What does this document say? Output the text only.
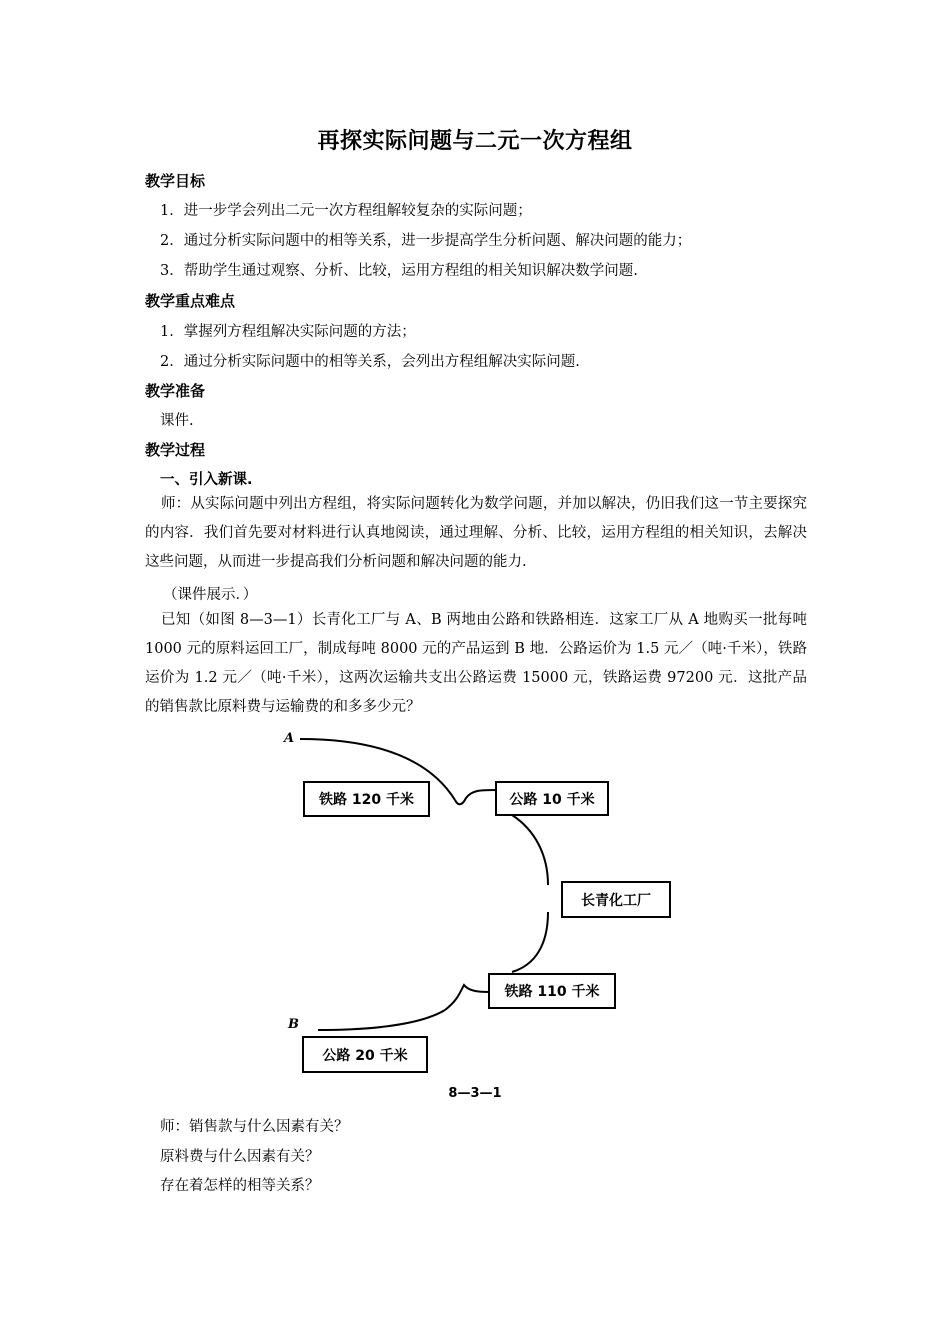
再探实际问题与二元一次方程组
教学目标
1．进一步学会列出二元一次方程组解较复杂的实际问题；
2．通过分析实际问题中的相等关系，进一步提高学生分析问题、解决问题的能力；
3．帮助学生通过观察、分析、比较，运用方程组的相关知识解决数学问题.
教学重点难点
1．掌握列方程组解决实际问题的方法；
2．通过分析实际问题中的相等关系，会列出方程组解决实际问题.
教学准备
课件.
教学过程
一、引入新课.
师：从实际问题中列出方程组，将实际问题转化为数学问题，并加以解决，仍旧我们这一节主要探究的内容．我们首先要对材料进行认真地阅读，通过理解、分析、比较，运用方程组的相关知识，去解决这些问题，从而进一步提高我们分析问题和解决问题的能力.
（课件展示．）
已知（如图 8—3—1）长青化工厂与 A、B 两地由公路和铁路相连．这家工厂从 A 地购买一批每吨 1000 元的原料运回工厂，制成每吨 8000 元的产品运到 B 地．公路运价为 1.5 元／（吨·千米），铁路运价为 1.2 元／（吨·千米），这两次运输共支出公路运费 15000 元，铁路运费 97200 元．这批产品的销售款比原料费与运输费的和多多少元？
A
B
铁路 120 千米	公路 10 千米
长青化工厂
铁路 110 千米
公路 20 千米
8—3—1
师：销售款与什么因素有关？
原料费与什么因素有关？
存在着怎样的相等关系？
